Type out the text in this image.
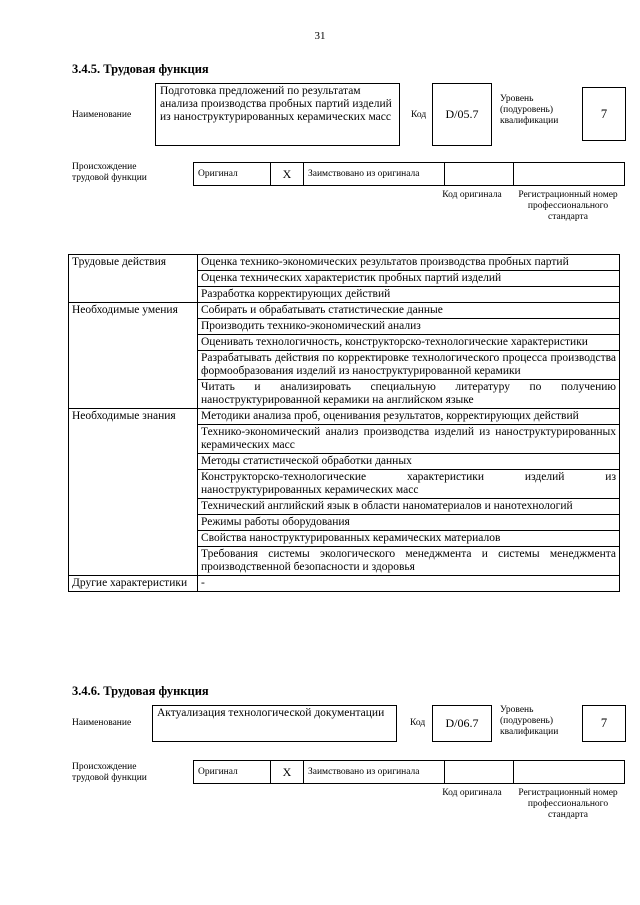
31
3.4.5. Трудовая функция
Наименование
Подготовка предложений по результатам анализа производства пробных партий изделий из наноструктурированных керамических масс	Код	D/05.7
Уровень (подуровень) квалификации
7
Происхождение трудовой функции	Оригинал	X	Заимствовано из оригинала		
Код оригинала	Регистрационный номер профессионального стандарта
Трудовые действия	Оценка технико-экономических результатов производства пробных партий
	Оценка технических характеристик пробных партий изделий
	Разработка корректирующих действий
Необходимые умения	Собирать и обрабатывать статистические данные
	Производить технико-экономический анализ
	Оценивать технологичность, конструкторско-технологические характеристики
	Разрабатывать действия по корректировке технологического процесса производства формообразования изделий из наноструктурированной керамики
	Читать и анализировать специальную литературу по получению наноструктурированной керамики на английском языке
Необходимые знания	Методики анализа проб, оценивания результатов, корректирующих действий
	Технико-экономический анализ производства изделий из наноструктурированных керамических масс
	Методы статистической обработки данных
	Конструкторско-технологические характеристики изделий из наноструктурированных керамических масс
	Технический английский язык в области наноматериалов и нанотехнологий
	Режимы работы оборудования
	Свойства наноструктурированных керамических материалов
	Требования системы экологического менеджмента и системы менеджмента производственной безопасности и здоровья
Другие характеристики	-
3.4.6. Трудовая функция
Наименование
Актуализация технологической документации
Код	D/06.7
Уровень (подуровень) квалификации
7
Происхождение трудовой функции
Оригинал	X	Заимствовано из оригинала		
Код оригинала	Регистрационный номер профессионального стандарта
